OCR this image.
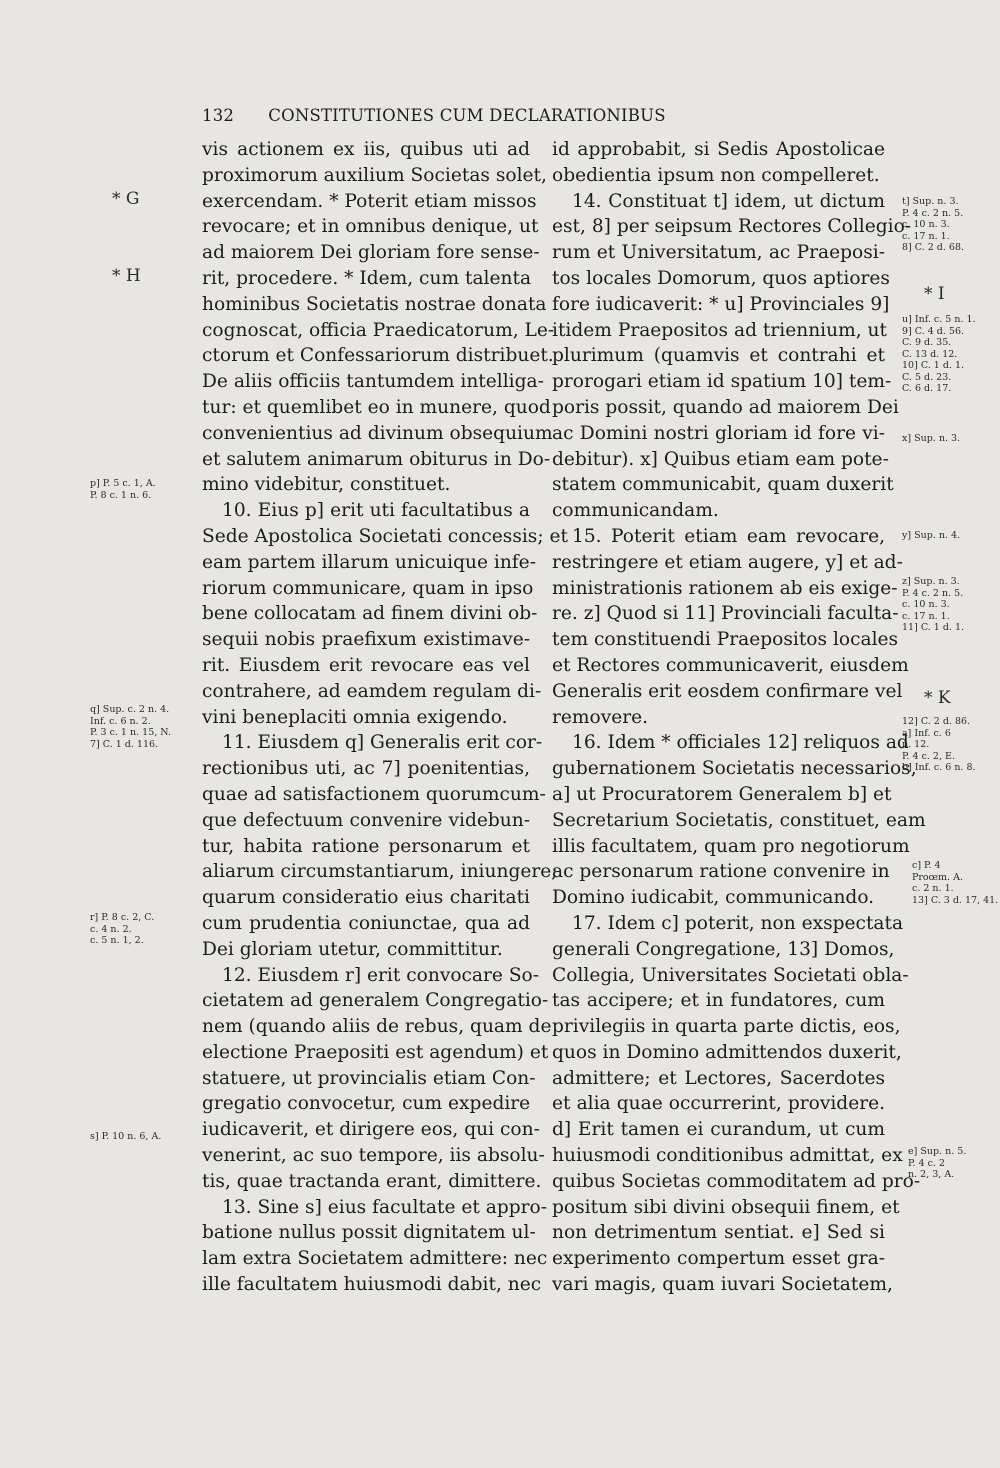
132	CONSTITUTIONES CUM DECLARATIONIBUS
vis actionem ex iis, quibus uti ad
proximorum auxilium Societas solet,
exercendam. * Poterit etiam missos
revocare; et in omnibus denique, ut
ad maiorem Dei gloriam fore sense-
rit, procedere. * Idem, cum talenta
hominibus Societatis nostrae donata
cognoscat, officia Praedicatorum, Le-
ctorum et Confessariorum distribuet.
De aliis officiis tantumdem intelliga-
tur: et quemlibet eo in munere, quod
convenientius ad divinum obsequium
et salutem animarum obiturus in Do-
mino videbitur, constituet.
10. Eius p] erit uti facultatibus a
Sede Apostolica Societati concessis; et
eam partem illarum unicuique infe-
riorum communicare, quam in ipso
bene collocatam ad finem divini ob-
sequii nobis praefixum existimave-
rit. Eiusdem erit revocare eas vel
contrahere, ad eamdem regulam di-
vini beneplaciti omnia exigendo.
11. Eiusdem q] Generalis erit cor-
rectionibus uti, ac 7] poenitentias,
quae ad satisfactionem quorumcum-
que defectuum convenire videbun-
tur, habita ratione personarum et
aliarum circumstantiarum, iniungere;
quarum consideratio eius charitati
cum prudentia coniunctae, qua ad
Dei gloriam utetur, committitur.
12. Eiusdem r] erit convocare So-
cietatem ad generalem Congregatio-
nem (quando aliis de rebus, quam de
electione Praepositi est agendum) et
statuere, ut provincialis etiam Con-
gregatio convocetur, cum expedire
iudicaverit, et dirigere eos, qui con-
venerint, ac suo tempore, iis absolu-
tis, quae tractanda erant, dimittere.
13. Sine s] eius facultate et appro-
batione nullus possit dignitatem ul-
lam extra Societatem admittere: nec
ille facultatem huiusmodi dabit, nec
id approbabit, si Sedis Apostolicae
obedientia ipsum non compelleret.
14. Constituat t] idem, ut dictum
est, 8] per seipsum Rectores Collegio-
rum et Universitatum, ac Praeposi-
tos locales Domorum, quos aptiores
fore iudicaverit: * u] Provinciales 9]
itidem Praepositos ad triennium, ut
plurimum (quamvis et contrahi et
prorogari etiam id spatium 10] tem-
poris possit, quando ad maiorem Dei
ac Domini nostri gloriam id fore vi-
debitur). x] Quibus etiam eam pote-
statem communicabit, quam duxerit
communicandam.
15. Poterit etiam eam revocare,
restringere et etiam augere, y] et ad-
ministrationis rationem ab eis exige-
re. z] Quod si 11] Provinciali faculta-
tem constituendi Praepositos locales
et Rectores communicaverit, eiusdem
Generalis erit eosdem confirmare vel
removere.
16. Idem * officiales 12] reliquos ad
gubernationem Societatis necessarios,
a] ut Procuratorem Generalem b] et
Secretarium Societatis, constituet, eam
illis facultatem, quam pro negotiorum
ac personarum ratione convenire in
Domino iudicabit, communicando.
17. Idem c] poterit, non exspectata
generali Congregatione, 13] Domos,
Collegia, Universitates Societati obla-
tas accipere; et in fundatores, cum
privilegiis in quarta parte dictis, eos,
quos in Domino admittendos duxerit,
admittere; et Lectores, Sacerdotes
et alia quae occurrerint, providere.
d] Erit tamen ei curandum, ut cum
huiusmodi conditionibus admittat, ex
quibus Societas commoditatem ad pro-
positum sibi divini obsequii finem, et
non detrimentum sentiat. e] Sed si
experimento compertum esset gra-
vari magis, quam iuvari Societatem,
* G
* H
p] P. 5 c. 1, A.
P. 8 c. 1 n. 6.
q] Sup. c. 2 n. 4.
Inf. c. 6 n. 2.
P. 3 c. 1 n. 15, N.
7] C. 1 d. 116.
r] P. 8 c. 2, C.
c. 4 n. 2.
c. 5 n. 1, 2.
s] P. 10 n. 6, A.
t] Sup. n. 3.
P. 4 c. 2 n. 5.
c. 10 n. 3.
c. 17 n. 1.
8] C. 2 d. 68.
* I
u] Inf. c. 5 n. 1.
9] C. 4 d. 56.
C. 9 d. 35.
C. 13 d. 12.
10] C. 1 d. 1.
C. 5 d. 23.
C. 6 d. 17.
x] Sup. n. 3.
y] Sup. n. 4.
z] Sup. n. 3.
P. 4 c. 2 n. 5.
c. 10 n. 3.
c. 17 n. 1.
11] C. 1 d. 1.
* K
12] C. 2 d. 86.
a] Inf. c. 6
n. 12.
P. 4 c. 2, E.
b] Inf. c. 6 n. 8.
c] P. 4
Proœm. A.
c. 2 n. 1.
13] C. 3 d. 17, 41.
e] Sup. n. 5.
P. 4 c. 2
n. 2, 3, A.
